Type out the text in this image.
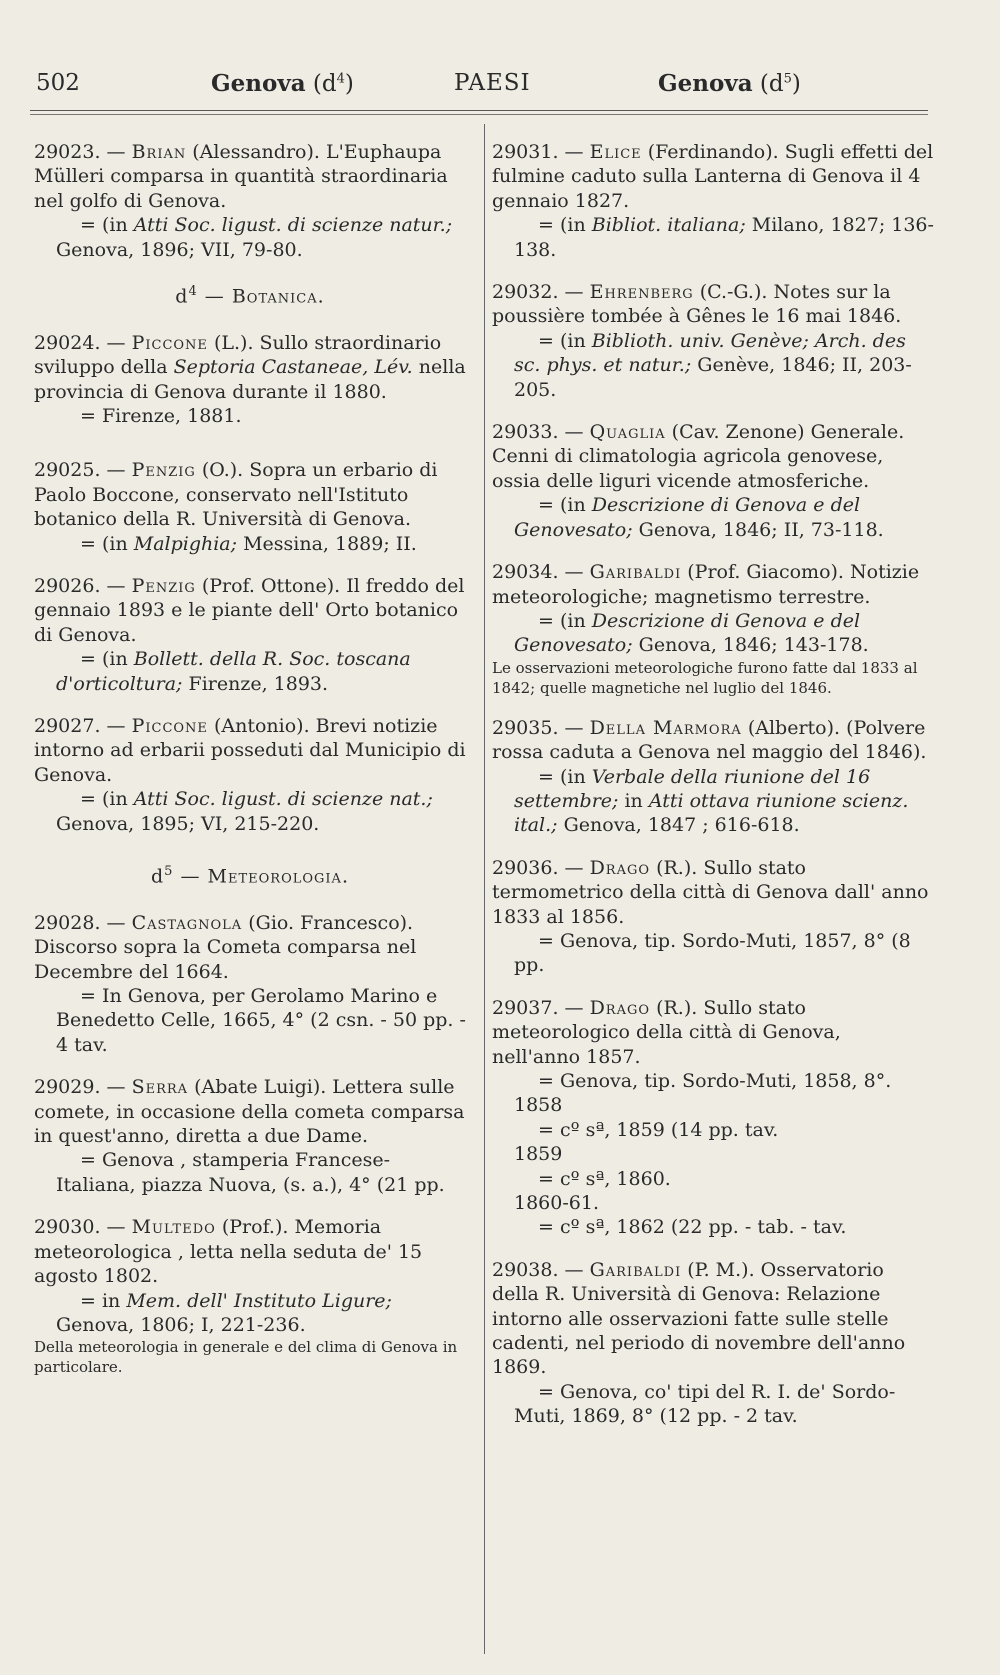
502	Genova $(d^4)$	PAESI	Genova $(d^5)$

29023. — Brian (Alessandro). L'Euphaupa Mülleri comparsa in quantità straordinaria nel golfo di Genova.

= (in Atti Soc. ligust. di scienze natur.; Genova, 1896; VII, 79-80.

$d^4$ — Botanica.

29024. — Piccone (L.). Sullo straordinario sviluppo della Septoria Castaneae, Lév. nella provincia di Genova durante il 1880.

= Firenze, 1881.

29025. — Penzig (O.). Sopra un erbario di Paolo Boccone, conservato nell'Istituto botanico della R. Università di Genova.

= (in Malpighia; Messina, 1889; II.

29026. — Penzig (Prof. Ottone). Il freddo del gennaio 1893 e le piante dell' Orto botanico di Genova.

= (in Bollett. della R. Soc. toscana d'orticoltura; Firenze, 1893.

29027. — Piccone (Antonio). Brevi notizie intorno ad erbarii posseduti dal Municipio di Genova.

= (in Atti Soc. ligust. di scienze nat.; Genova, 1895; VI, 215-220.

$d^5$ — Meteorologia.

29028. — Castagnola (Gio. Francesco). Discorso sopra la Cometa comparsa nel Decembre del 1664.

= In Genova, per Gerolamo Marino e Benedetto Celle, 1665, 4° (2 csn. - 50 pp. - 4 tav.

29029. — Serra (Abate Luigi). Lettera sulle comete, in occasione della cometa comparsa in quest'anno, diretta a due Dame.

= Genova , stamperia Francese-Italiana, piazza Nuova, (s. a.), 4° (21 pp.

29030. — Multedo (Prof.). Memoria meteorologica , letta nella seduta de' 15 agosto 1802.

= in Mem. dell' Instituto Ligure; Genova, 1806; I, 221-236.

Della meteorologia in generale e del clima di Genova in particolare.

29031. — Elice (Ferdinando). Sugli effetti del fulmine caduto sulla Lanterna di Genova il 4 gennaio 1827.

= (in Bibliot. italiana; Milano, 1827; 136-138.

29032. — Ehrenberg (C.-G.). Notes sur la poussière tombée à Gênes le 16 mai 1846.

= (in Biblioth. univ. Genève; Arch. des sc. phys. et natur.; Genève, 1846; II, 203-205.

29033. — Quaglia (Cav. Zenone) Generale. Cenni di climatologia agricola genovese, ossia delle liguri vicende atmosferiche.

= (in Descrizione di Genova e del Genovesato; Genova, 1846; II, 73-118.

29034. — Garibaldi (Prof. Giacomo). Notizie meteorologiche; magnetismo terrestre.

= (in Descrizione di Genova e del Genovesato; Genova, 1846; 143-178.

Le osservazioni meteorologiche furono fatte dal 1833 al 1842; quelle magnetiche nel luglio del 1846.

29035. — Della Marmora (Alberto). (Polvere rossa caduta a Genova nel maggio del 1846).

= (in Verbale della riunione del 16 settembre; in Atti ottava riunione scienz. ital.; Genova, 1847 ; 616-618.

29036. — Drago (R.). Sullo stato termometrico della città di Genova dall' anno 1833 al 1856.

= Genova, tip. Sordo-Muti, 1857, 8° (8 pp.

29037. — Drago (R.). Sullo stato meteorologico della città di Genova, nell'anno 1857.

= Genova, tip. Sordo-Muti, 1858, 8°.

1858

= cº sª, 1859 (14 pp. tav.

1859

= cº sª, 1860.

1860-61.

= cº sª, 1862 (22 pp. - tab. - tav.

29038. — Garibaldi (P. M.). Osservatorio della R. Università di Genova: Relazione intorno alle osservazioni fatte sulle stelle cadenti, nel periodo di novembre dell'anno 1869.

= Genova, co' tipi del R. I. de' Sordo-Muti, 1869, 8° (12 pp. - 2 tav.
